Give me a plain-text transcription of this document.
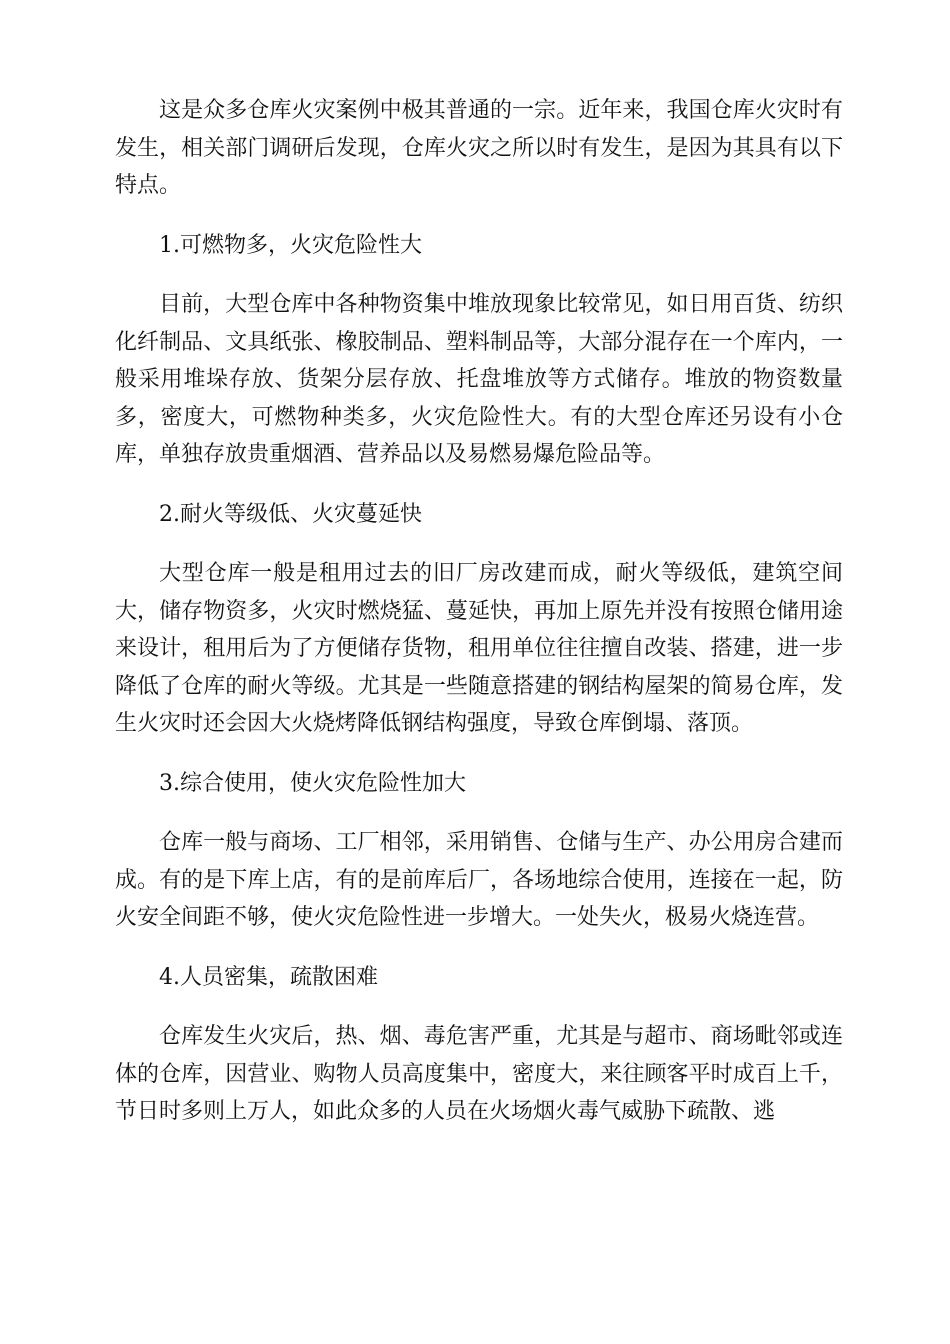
这是众多仓库火灾案例中极其普通的一宗。近年来，我国仓库火灾时有发生，相关部门调研后发现，仓库火灾之所以时有发生，是因为其具有以下特点。

1.可燃物多，火灾危险性大

目前，大型仓库中各种物资集中堆放现象比较常见，如日用百货、纺织化纤制品、文具纸张、橡胶制品、塑料制品等，大部分混存在一个库内，一般采用堆垛存放、货架分层存放、托盘堆放等方式储存。堆放的物资数量多，密度大，可燃物种类多，火灾危险性大。有的大型仓库还另设有小仓库，单独存放贵重烟酒、营养品以及易燃易爆危险品等。

2.耐火等级低、火灾蔓延快

大型仓库一般是租用过去的旧厂房改建而成，耐火等级低，建筑空间大，储存物资多，火灾时燃烧猛、蔓延快，再加上原先并没有按照仓储用途来设计，租用后为了方便储存货物，租用单位往往擅自改装、搭建，进一步降低了仓库的耐火等级。尤其是一些随意搭建的钢结构屋架的简易仓库，发生火灾时还会因大火烧烤降低钢结构强度，导致仓库倒塌、落顶。

3.综合使用，使火灾危险性加大

仓库一般与商场、工厂相邻，采用销售、仓储与生产、办公用房合建而成。有的是下库上店，有的是前库后厂，各场地综合使用，连接在一起，防火安全间距不够，使火灾危险性进一步增大。一处失火，极易火烧连营。

4.人员密集，疏散困难

仓库发生火灾后，热、烟、毒危害严重，尤其是与超市、商场毗邻或连体的仓库，因营业、购物人员高度集中，密度大，来往顾客平时成百上千，节日时多则上万人，如此众多的人员在火场烟火毒气威胁下疏散、逃
